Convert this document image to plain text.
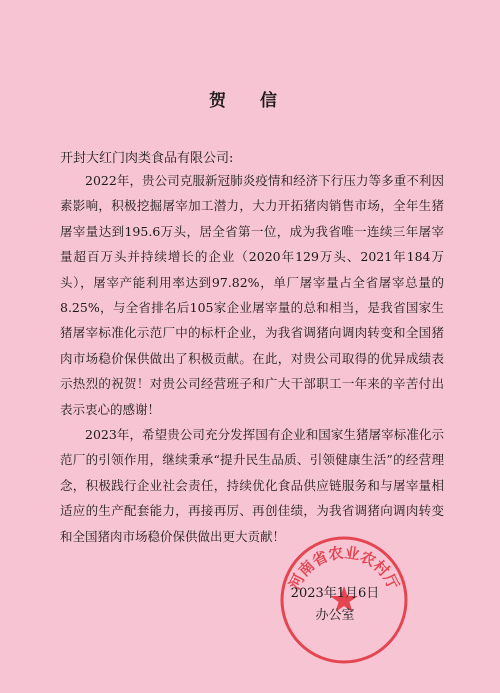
贺 信
开封大红门肉类食品有限公司:

2022年，贵公司克服新冠肺炎疫情和经济下行压力等多重不利因素影响，积极挖掘屠宰加工潜力，大力开拓猪肉销售市场，全年生猪屠宰量达到195.6万头，居全省第一位，成为我省唯一连续三年屠宰量超百万头并持续增长的企业（2020年129万头、2021年184万头），屠宰产能利用率达到97.82%，单厂屠宰量占全省屠宰总量的8.25%，与全省排名后105家企业屠宰量的总和相当，是我省国家生猪屠宰标准化示范厂中的标杆企业，为我省调猪向调肉转变和全国猪肉市场稳价保供做出了积极贡献。在此，对贵公司取得的优异成绩表示热烈的祝贺！对贵公司经营班子和广大干部职工一年来的辛苦付出表示衷心的感谢！

2023年，希望贵公司充分发挥国有企业和国家生猪屠宰标准化示范厂的引领作用，继续秉承“提升民生品质、引领健康生活”的经营理念，积极践行企业社会责任，持续优化食品供应链服务和与屠宰量相适应的生产配套能力，再接再厉、再创佳绩，为我省调猪向调肉转变和全国猪肉市场稳价保供做出更大贡献！

河南省农业农村厅
2023年1月6日
办公室
